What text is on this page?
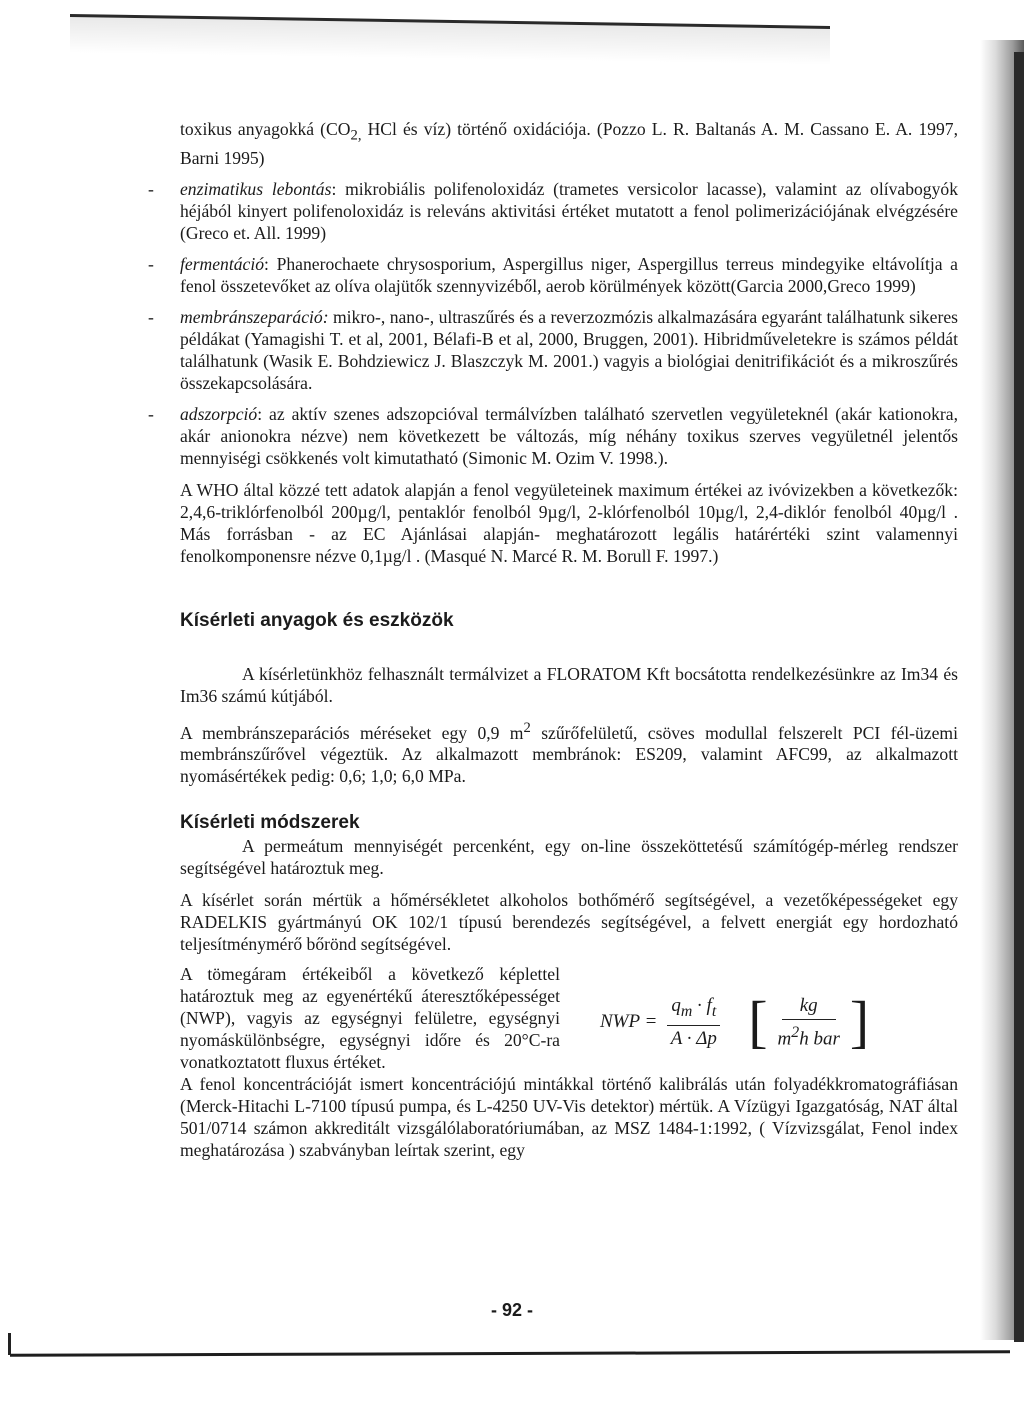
toxikus anyagokká ($CO_{2,}$ HCl és víz) történő oxidációja. (Pozzo L. R. Baltanás A. M. Cassano E. A. 1997, Barni 1995)

-	enzimatikus lebontás: mikrobiális polifenoloxidáz (trametes versicolor lacasse), valamint az olívabogyók héjából kinyert polifenoloxidáz is releváns aktivitási értéket mutatott a fenol polimerizációjának elvégzésére (Greco et. All. 1999)
-	fermentáció: Phanerochaete chrysosporium, Aspergillus niger, Aspergillus terreus mindegyike eltávolítja a fenol összetevőket az olíva olajütők szennyvizéből, aerob körülmények között(Garcia 2000,Greco 1999)
-	membránszeparáció: mikro-, nano-, ultraszűrés és a reverzozmózis alkalmazására egyaránt találhatunk sikeres példákat (Yamagishi T. et al, 2001, Bélafi-B et al, 2000, Bruggen, 2001). Hibridműveletekre is számos példát találhatunk (Wasik E. Bohdziewicz J. Blaszczyk M. 2001.) vagyis a biológiai denitrifikációt és a mikroszűrés összekapcsolására.
-	adszorpció: az aktív szenes adszopcióval termálvízben található szervetlen vegyületeknél (akár kationokra, akár anionokra nézve) nem következett be változás, míg néhány toxikus szerves vegyületnél jelentős mennyiségi csökkenés volt kimutatható (Simonic M. Ozim V. 1998.).

A WHO által közzé tett adatok alapján a fenol vegyületeinek maximum értékei az ivóvizekben a következők: 2,4,6-triklórfenolból 200µg/l, pentaklór fenolból 9µg/l, 2-klórfenolból 10µg/l, 2,4-diklór fenolból 40µg/l . Más forrásban - az EC Ajánlásai alapján- meghatározott legális határértéki szint valamennyi fenolkomponensre nézve 0,1µg/l . (Masqué N. Marcé R. M. Borull F. 1997.)

Kísérleti anyagok és eszközök

A kísérletünkhöz felhasznált termálvizet a FLORATOM Kft bocsátotta rendelkezésünkre az Im34 és Im36 számú kútjából.

A membránszeparációs méréseket egy 0,9 $m^2$ szűrőfelületű, csöves modullal felszerelt PCI fél-üzemi membránszűrővel végeztük. Az alkalmazott membránok: ES209, valamint AFC99, az alkalmazott nyomásértékek pedig: 0,6; 1,0; 6,0 MPa.

Kísérleti módszerek

A permeátum mennyiségét percenként, egy on-line összeköttetésű számítógép-mérleg rendszer segítségével határoztuk meg.

A kísérlet során mértük a hőmérsékletet alkoholos bothőmérő segítségével, a vezetőképességeket egy RADELKIS gyártmányú OK 102/1 típusú berendezés segítségével, a felvett energiát egy hordozható teljesítménymérő bőrönd segítségével.

A tömegáram értékeiből a következő képlettel határoztuk meg az egyenértékű áteresztőképességet (NWP), vagyis az egységnyi felületre, egységnyi nyomáskülönbségre, egységnyi időre és 20°C-ra vonatkoztatott fluxus értéket.

NWP = $\frac{q_m \cdot f_t}{A \cdot \Delta p}$ [ $\frac{kg}{m^2h bar}$ ]

A fenol koncentrációját ismert koncentrációjú mintákkal történő kalibrálás után folyadékkromatográfiásan (Merck-Hitachi L-7100 típusú pumpa, és L-4250 UV-Vis detektor) mértük. A Vízügyi Igazgatóság, NAT által 501/0714 számon akkreditált vizsgálólaboratóriumában, az MSZ 1484-1:1992, ( Vízvizsgálat, Fenol index meghatározása ) szabványban leírtak szerint, egy

- 92 -
